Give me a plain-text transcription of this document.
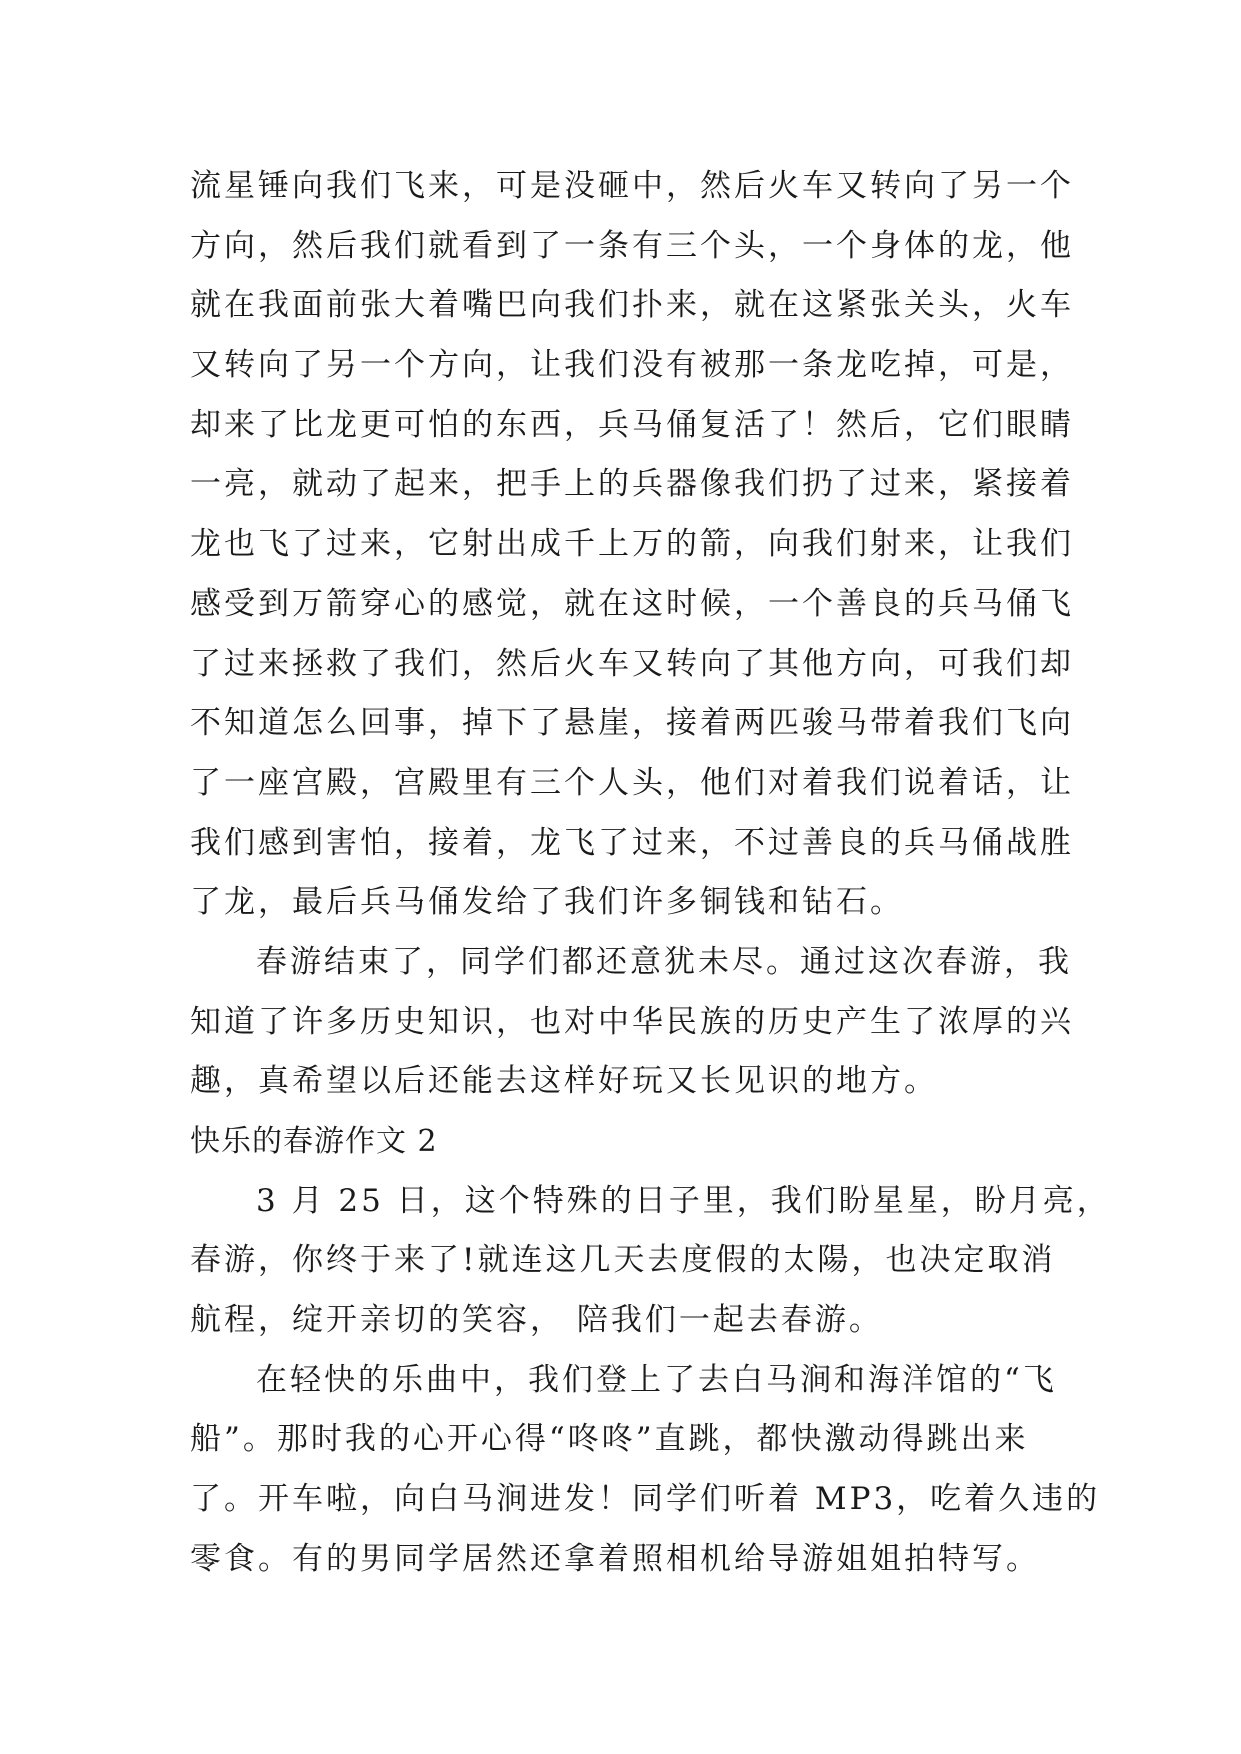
流星锤向我们飞来，可是没砸中，然后火车又转向了另一个

方向，然后我们就看到了一条有三个头，一个身体的龙，他

就在我面前张大着嘴巴向我们扑来，就在这紧张关头，火车

又转向了另一个方向，让我们没有被那一条龙吃掉，可是，

却来了比龙更可怕的东西，兵马俑复活了！然后，它们眼睛

一亮，就动了起来，把手上的兵器像我们扔了过来，紧接着

龙也飞了过来，它射出成千上万的箭，向我们射来，让我们

感受到万箭穿心的感觉，就在这时候，一个善良的兵马俑飞

了过来拯救了我们，然后火车又转向了其他方向，可我们却

不知道怎么回事，掉下了悬崖，接着两匹骏马带着我们飞向

了一座宫殿，宫殿里有三个人头，他们对着我们说着话，让

我们感到害怕，接着，龙飞了过来，不过善良的兵马俑战胜

了龙，最后兵马俑发给了我们许多铜钱和钻石。

春游结束了，同学们都还意犹未尽。通过这次春游，我

知道了许多历史知识，也对中华民族的历史产生了浓厚的兴

趣，真希望以后还能去这样好玩又长见识的地方。

快乐的春游作文 2

3 月 25 日，这个特殊的日子里，我们盼星星，盼月亮，

春游，你终于来了!就连这几天去度假的太陽，也决定取消

航程，绽开亲切的笑容， 陪我们一起去春游。

在轻快的乐曲中，我们登上了去白马涧和海洋馆的“飞

船”。那时我的心开心得“咚咚”直跳，都快激动得跳出来

了。开车啦，向白马涧进发！同学们听着 MP3，吃着久违的

零食。有的男同学居然还拿着照相机给导游姐姐拍特写。
